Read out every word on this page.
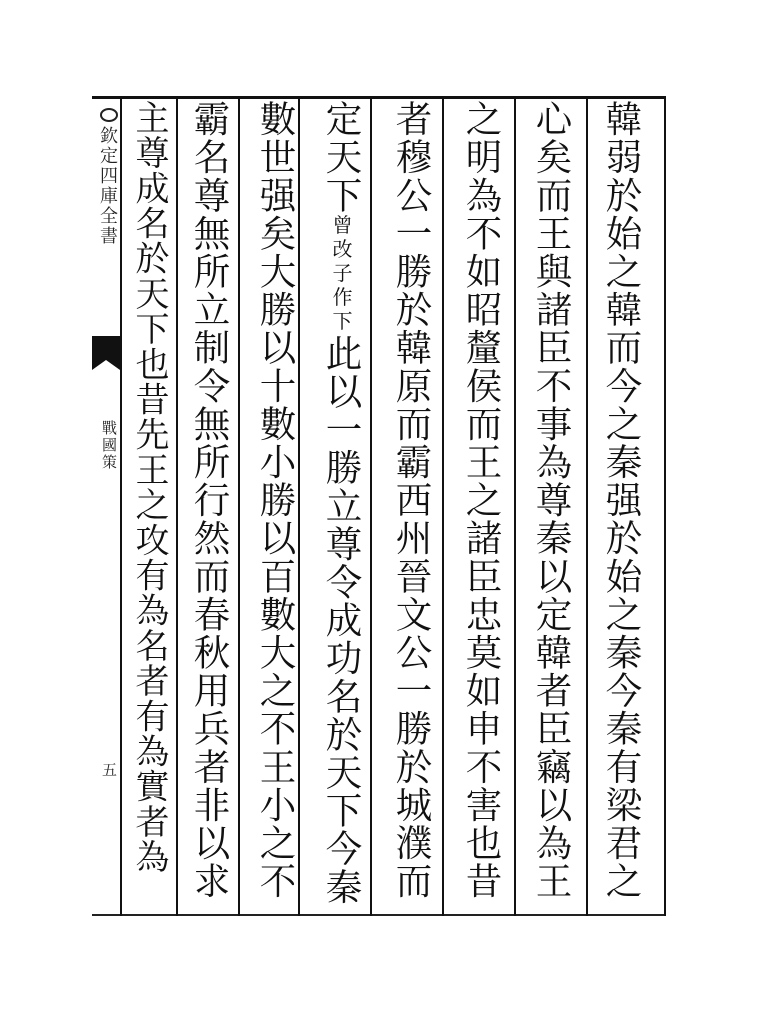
欽定四庫全書
戰國策
五	韓弱於始之韓而今之秦强於始之秦今秦有梁君之
心矣而王與諸臣不事為尊秦以定韓者臣竊以為王
之明為不如昭釐侯而王之諸臣忠莫如申不害也昔
者穆公一勝於韓原而霸西州晉文公一勝於城濮而
定天下曾改子作下此以一勝立尊令成功名於天下今秦
數世强矣大勝以十數小勝以百數大之不王小之不
霸名尊無所立制令無所行然而春秋用兵者非以求
主尊成名於天下也昔先王之攻有為名者有為實者為
